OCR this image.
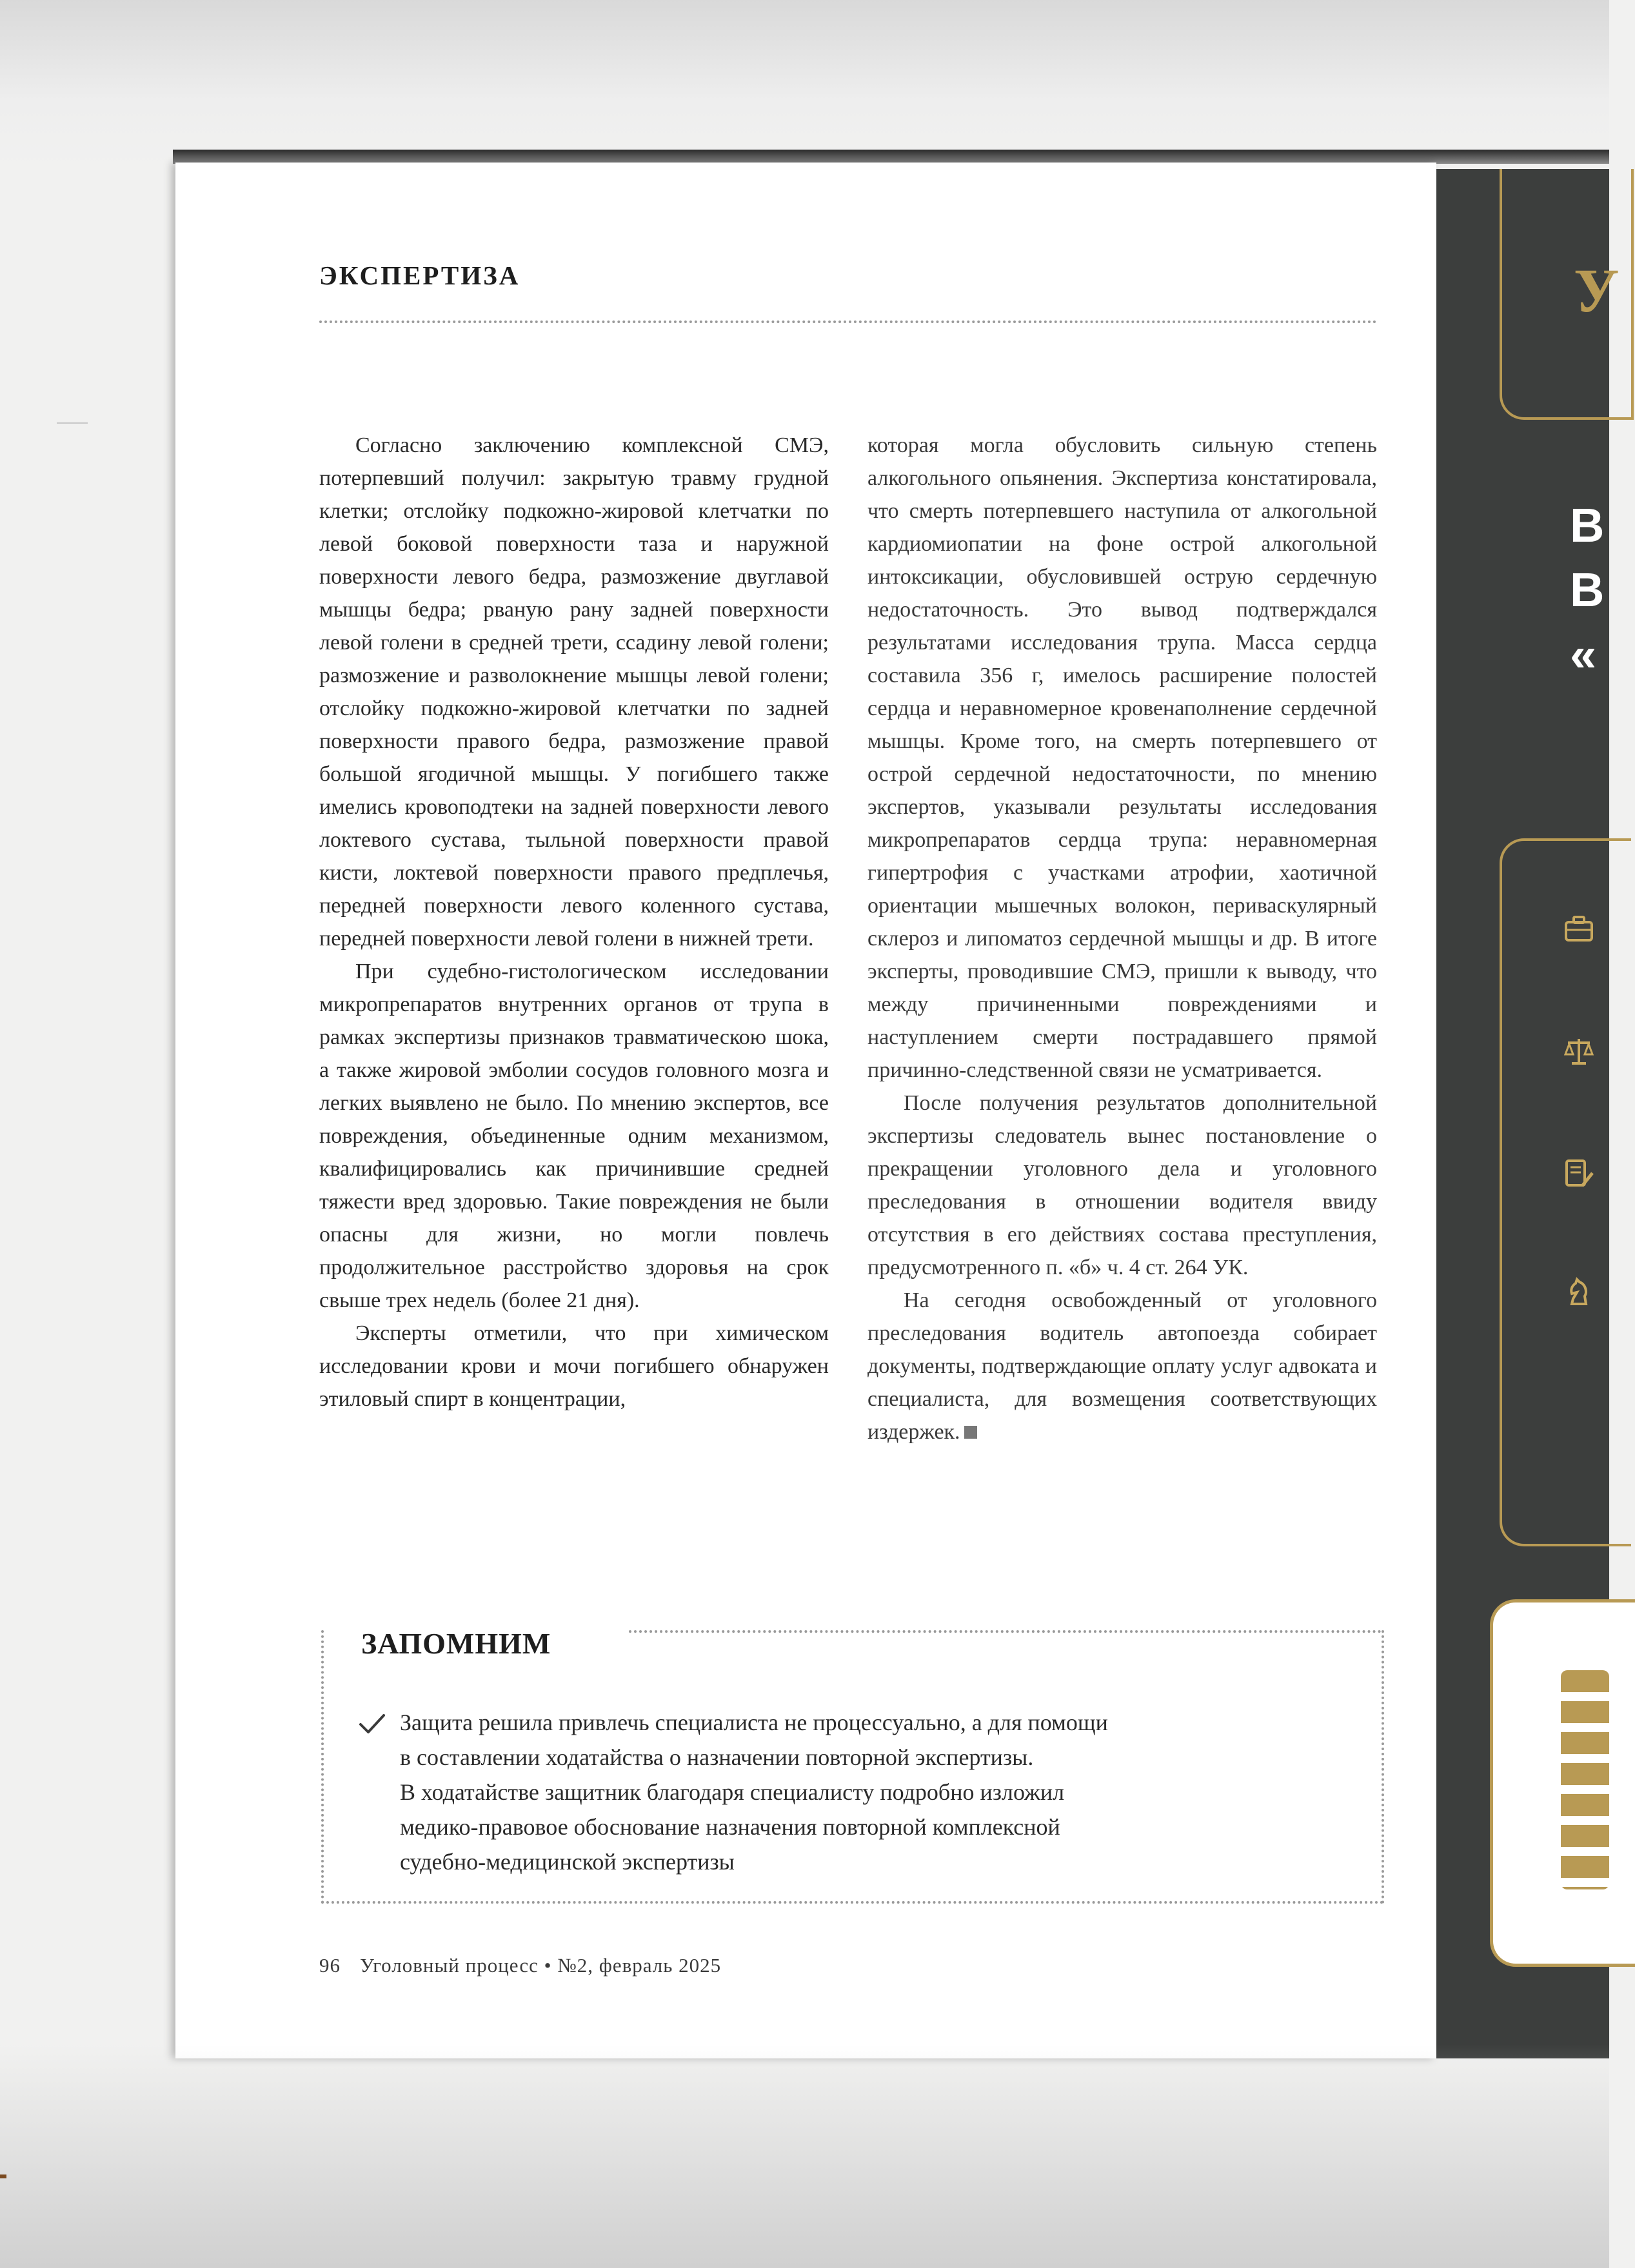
У
В
В
«
ЭКСПЕРТИЗА

Согласно заключению комплексной СМЭ, потерпевший получил: закрытую травму грудной клетки; отслойку подкожно-жировой клетчатки по левой боковой поверхности таза и наружной поверхности левого бедра, размозжение двуглавой мышцы бедра; рваную рану задней поверхности левой голени в средней трети, ссадину левой голени; размозжение и разволокнение мышцы левой голени; отслойку подкожно-жировой клетчатки по задней поверхности правого бедра, размозжение правой большой ягодичной мышцы. У погибшего также имелись кровоподтеки на задней поверхности левого локтевого сустава, тыльной поверхности правой кисти, локтевой поверхности правого предплечья, передней поверхности левого коленного сустава, передней поверхности левой голени в нижней трети.

При судебно-гистологическом исследовании микропрепаратов внутренних органов от трупа в рамках экспертизы признаков травматическою шока, а также жировой эмболии сосудов головного мозга и легких выявлено не было. По мнению экспертов, все повреждения, объединенные одним механизмом, квалифицировались как причинившие средней тяжести вред здоровью. Такие повреждения не были опасны для жизни, но могли повлечь продолжительное расстройство здоровья на срок свыше трех недель (более 21 дня).

Эксперты отметили, что при химическом исследовании крови и мочи погибшего обнаружен этиловый спирт в концентрации,

которая могла обусловить сильную степень алкогольного опьянения. Экспертиза констатировала, что смерть потерпевшего наступила от алкогольной кардиомиопатии на фоне острой алкогольной интоксикации, обусловившей острую сердечную недостаточность. Это вывод подтверждался результатами исследования трупа. Масса сердца составила 356 г, имелось расширение полостей сердца и неравномерное кровенаполнение сердечной мышцы. Кроме того, на смерть потерпевшего от острой сердечной недостаточности, по мнению экспертов, указывали результаты исследования микропрепаратов сердца трупа: неравномерная гипертрофия с участками атрофии, хаотичной ориентации мышечных волокон, периваскулярный склероз и липоматоз сердечной мышцы и др. В итоге эксперты, проводившие СМЭ, пришли к выводу, что между причиненными повреждениями и наступлением смерти пострадавшего прямой причинно-следственной связи не усматривается.

После получения результатов дополнительной экспертизы следователь вынес постановление о прекращении уголовного дела и уголовного преследования в отношении водителя ввиду отсутствия в его действиях состава преступления, предусмотренного п. «б» ч. 4 ст. 264 УК.

На сегодня освобожденный от уголовного преследования водитель автопоезда собирает документы, подтверждающие оплату услуг адвоката и специалиста, для возмещения соответствующих издержек.

ЗАПОМНИМ
Защита решила привлечь специалиста не процессуально, а для помощи
в составлении ходатайства о назначении повторной экспертизы.
В ходатайстве защитник благодаря специалисту подробно изложил
медико-правовое обоснование назначения повторной комплексной
судебно-медицинской экспертизы
96 Уголовный процесс • №2, февраль 2025
